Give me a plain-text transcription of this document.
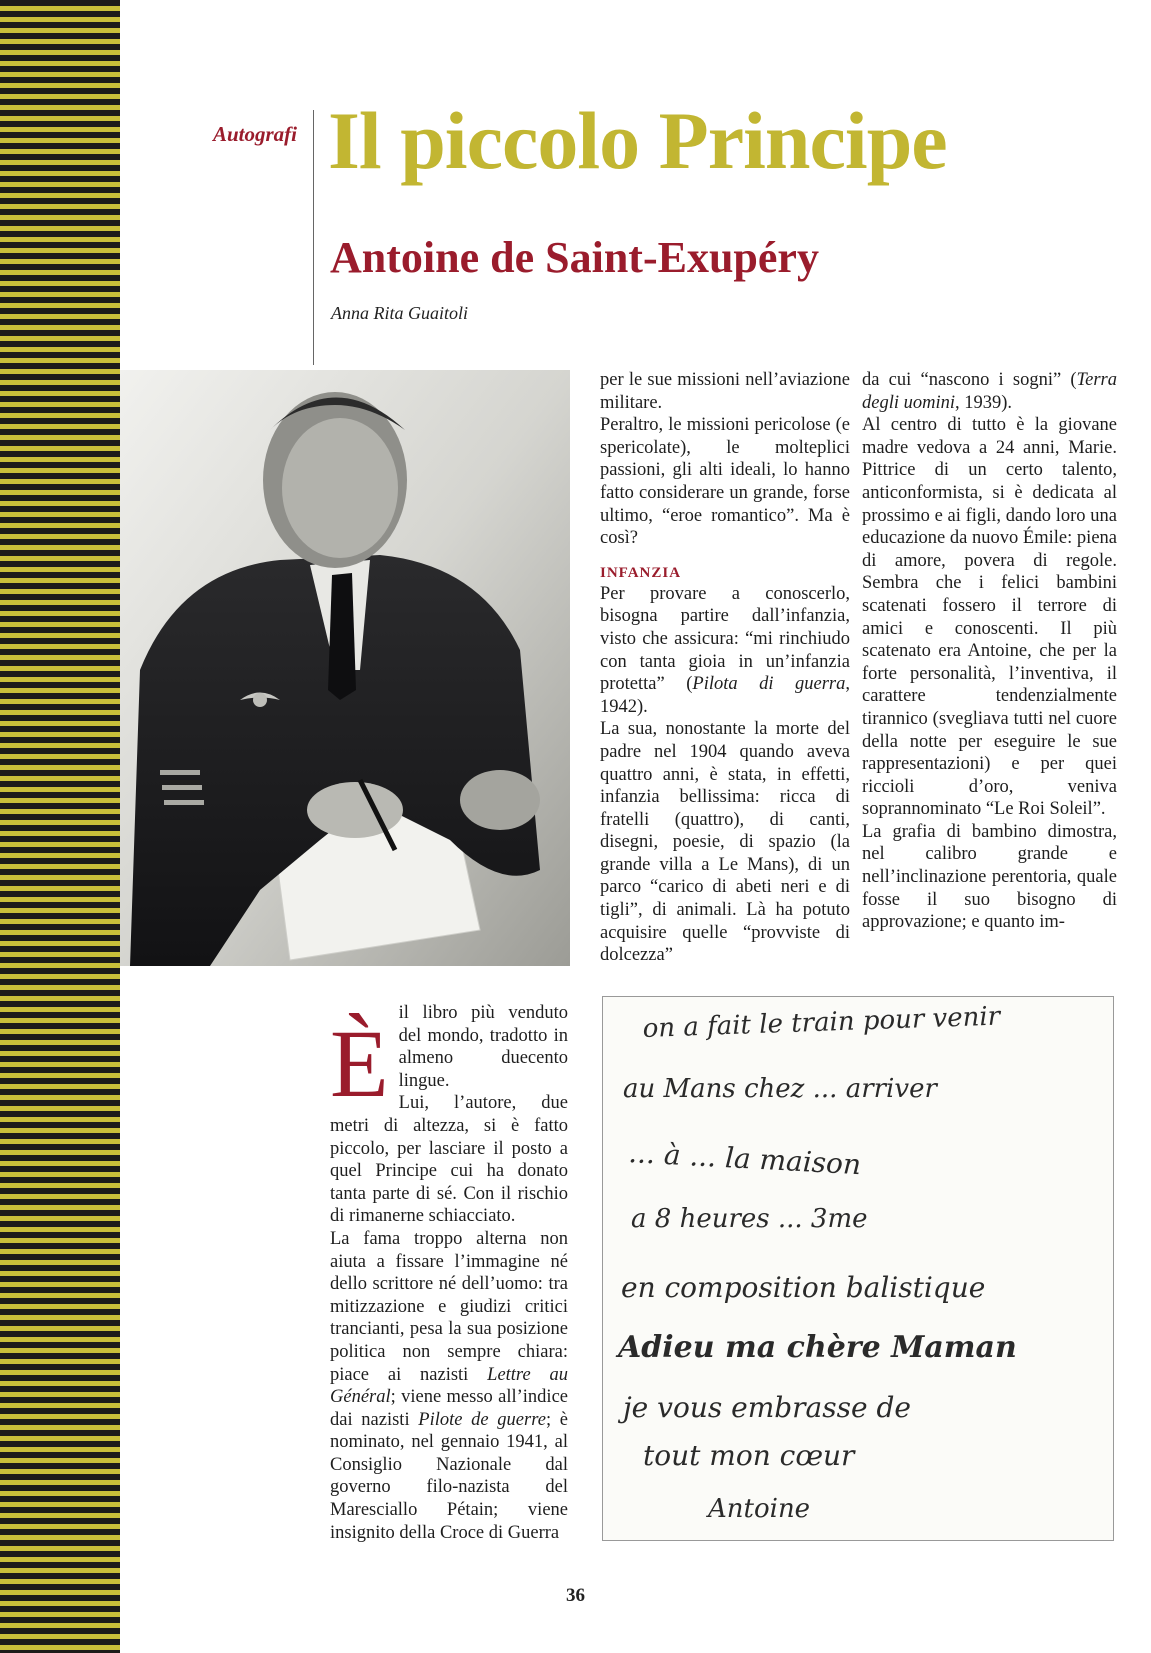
Autografi Il piccolo Principe
Antoine de Saint-Exupéry
Anna Rita Guaitoli

per le sue missioni nell’aviazione militare.

Peraltro, le missioni pericolose (e spericolate), le molteplici passioni, gli alti ideali, lo hanno fatto considerare un grande, forse ultimo, “eroe romantico”. Ma è così?

INFANZIA

Per provare a conoscerlo, bisogna partire dall’infanzia, visto che assicura: “mi rinchiudo con tanta gioia in un’infanzia protetta” (Pilota di guerra, 1942).

La sua, nonostante la morte del padre nel 1904 quando aveva quattro anni, è stata, in effetti, infanzia bellissima: ricca di fratelli (quattro), di canti, disegni, poesie, di spazio (la grande villa a Le Mans), di un parco “carico di abeti neri e di tigli”, di animali. Là ha potuto acquisire quelle “provviste di dolcezza”

da cui “nascono i sogni” (Terra degli uomini, 1939).

Al centro di tutto è la giovane madre vedova a 24 anni, Marie. Pittrice di un certo talento, anticonformista, si è dedicata al prossimo e ai figli, dando loro una educazione da nuovo Émile: piena di amore, povera di regole. Sembra che i felici bambini scatenati fossero il terrore di amici e conoscenti. Il più scatenato era Antoine, che per la forte personalità, l’inventiva, il carattere tendenzialmente tirannico (svegliava tutti nel cuore della notte per eseguire le sue rappresentazioni) e per quei riccioli d’oro, veniva soprannominato “Le Roi Soleil”.

La grafia di bambino dimostra, nel calibro grande e nell’inclinazione perentoria, quale fosse il suo bisogno di approvazione; e quanto im-

Èil libro più venduto del mondo, tradotto in almeno duecento lingue.

Lui, l’autore, due metri di altezza, si è fatto piccolo, per lasciare il posto a quel Principe cui ha donato tanta parte di sé. Con il rischio di rimanerne schiacciato.

La fama troppo alterna non aiuta a fissare l’immagine né dello scrittore né dell’uomo: tra mitizzazione e giudizi critici trancianti, pesa la sua posizione politica non sempre chiara: piace ai nazisti Lettre au Général; viene messo all’indice dai nazisti Pilote de guerre; è nominato, nel gennaio 1941, al Consiglio Nazionale dal governo filo-nazista del Maresciallo Pétain; viene insignito della Croce di Guerra

on a fait le train pour venir
au Mans chez ... arriver
... à ... la maison
a 8 heures ... 3me
en composition balistique
Adieu ma chère Maman
je vous embrasse de
tout mon cœur
Antoine
36
